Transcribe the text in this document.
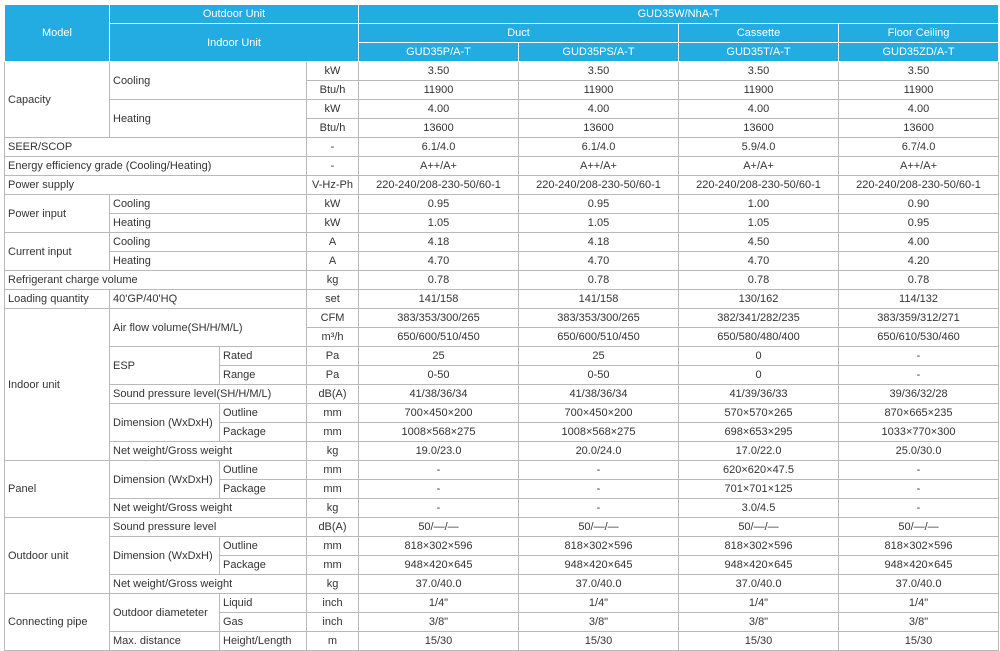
Model	Outdoor Unit			GUD35W/NhA-T			
	Indoor Unit			Duct		Cassette	Floor Ceiling
				GUD35P/A-T	GUD35PS/A-T	GUD35T/A-T	GUD35ZD/A-T
Capacity	Cooling		kW	3.50	3.50	3.50	3.50
			Btu/h	11900	11900	11900	11900
	Heating		kW	4.00	4.00	4.00	4.00
			Btu/h	13600	13600	13600	13600
SEER/SCOP			-	6.1/4.0	6.1/4.0	5.9/4.0	6.7/4.0
Energy efficiency grade (Cooling/Heating)			-	A++/A+	A++/A+	A+/A+	A++/A+
Power supply			V-Hz-Ph	220-240/208-230-50/60-1	220-240/208-230-50/60-1	220-240/208-230-50/60-1	220-240/208-230-50/60-1
Power input	Cooling		kW	0.95	0.95	1.00	0.90
	Heating		kW	1.05	1.05	1.05	0.95
Current input	Cooling		A	4.18	4.18	4.50	4.00
	Heating		A	4.70	4.70	4.70	4.20
Refrigerant charge volume			kg	0.78	0.78	0.78	0.78
Loading quantity	40'GP/40'HQ		set	141/158	141/158	130/162	114/132
Indoor unit	Air flow volume(SH/H/M/L)		CFM	383/353/300/265	383/353/300/265	382/341/282/235	383/359/312/271
			m³/h	650/600/510/450	650/600/510/450	650/580/480/400	650/610/530/460
	ESP	Rated	Pa	25	25	0	-
		Range	Pa	0-50	0-50	0	-
	Sound pressure level(SH/H/M/L)		dB(A)	41/38/36/34	41/38/36/34	41/39/36/33	39/36/32/28
	Dimension (WxDxH)	Outline	mm	700×450×200	700×450×200	570×570×265	870×665×235
		Package	mm	1008×568×275	1008×568×275	698×653×295	1033×770×300
	Net weight/Gross weight		kg	19.0/23.0	20.0/24.0	17.0/22.0	25.0/30.0
Panel	Dimension (WxDxH)	Outline	mm	-	-	620×620×47.5	-
		Package	mm	-	-	701×701×125	-
	Net weight/Gross weight		kg	-	-	3.0/4.5	-
Outdoor unit	Sound pressure level		dB(A)	50/—/—	50/—/—	50/—/—	50/—/—
	Dimension (WxDxH)	Outline	mm	818×302×596	818×302×596	818×302×596	818×302×596
		Package	mm	948×420×645	948×420×645	948×420×645	948×420×645
	Net weight/Gross weight		kg	37.0/40.0	37.0/40.0	37.0/40.0	37.0/40.0
Connecting pipe	Outdoor diameteter	Liquid	inch	1/4"	1/4"	1/4"	1/4"
		Gas	inch	3/8"	3/8"	3/8"	3/8"
	Max. distance	Height/Length	m	15/30	15/30	15/30	15/30
